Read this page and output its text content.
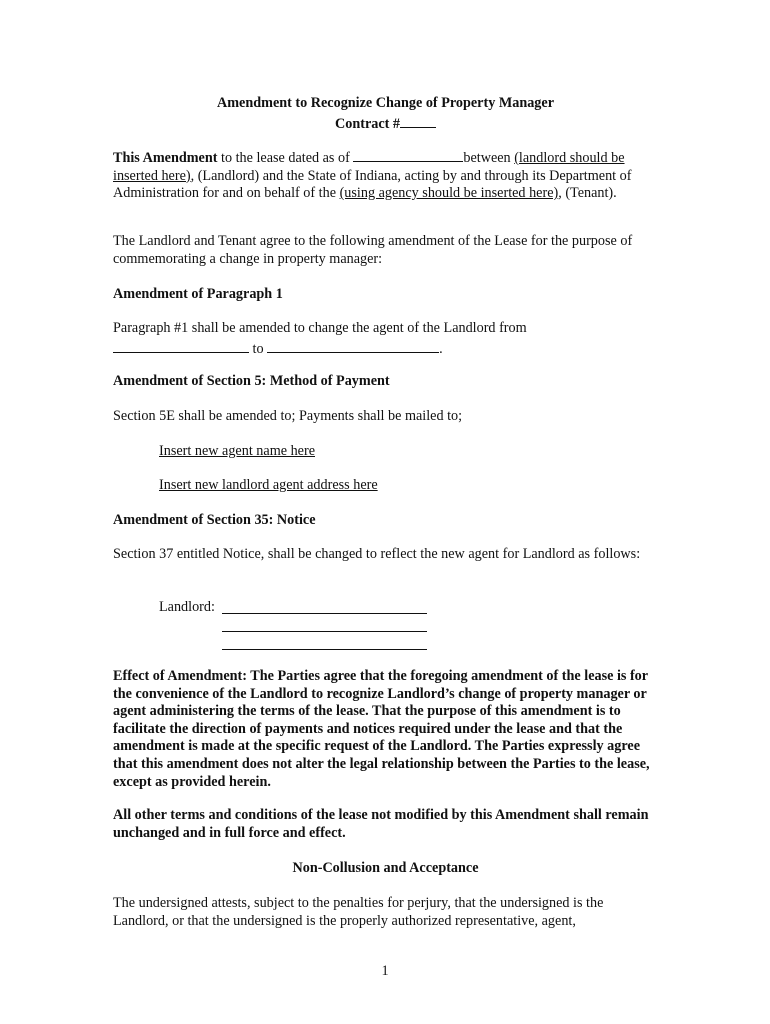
Amendment to Recognize Change of Property Manager
Contract #

This Amendment to the lease dated as of	between (landlord should be inserted here), (Landlord) and the State of Indiana, acting by and through its Department of Administration for and on behalf of the (using agency should be inserted here), (Tenant).

The Landlord and Tenant agree to the following amendment of the Lease for the purpose of commemorating a change in property manager:

Amendment of Paragraph 1

Paragraph #1 shall be amended to change the agent of the Landlord from
to	.

Amendment of Section 5: Method of Payment

Section 5E shall be amended to; Payments shall be mailed to;

Insert new agent name here

Insert new landlord agent address here

Amendment of Section 35: Notice

Section 37 entitled Notice, shall be changed to reflect the new agent for Landlord as follows:

Landlord:

Effect of Amendment: The Parties agree that the foregoing amendment of the lease is for the convenience of the Landlord to recognize Landlord’s change of property manager or agent administering the terms of the lease. That the purpose of this amendment is to facilitate the direction of payments and notices required under the lease and that the amendment is made at the specific request of the Landlord. The Parties expressly agree that this amendment does not alter the legal relationship between the Parties to the lease, except as provided herein.

All other terms and conditions of the lease not modified by this Amendment shall remain unchanged and in full force and effect.

Non-Collusion and Acceptance

The undersigned attests, subject to the penalties for perjury, that the undersigned is the Landlord, or that the undersigned is the properly authorized representative, agent,

1
